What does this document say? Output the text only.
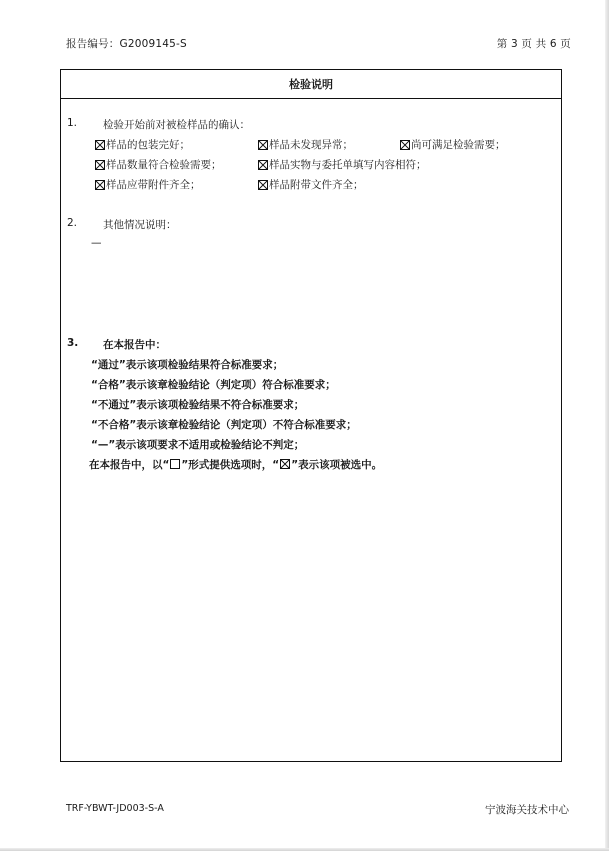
报告编号：G2009145-S	第 3 页 共 6 页
检验说明
1. 检验开始前对被检样品的确认：
样品的包装完好；	样品未发现异常；	尚可满足检验需要；
样品数量符合检验需要；	样品实物与委托单填写内容相符；
样品应带附件齐全；	样品附带文件齐全；
2. 其他情况说明：
—
3. 在本报告中：
“通过”表示该项检验结果符合标准要求；
“合格”表示该章检验结论（判定项）符合标准要求；
“不通过”表示该项检验结果不符合标准要求；
“不合格”表示该章检验结论（判定项）不符合标准要求；
“—”表示该项要求不适用或检验结论不判定；
在本报告中，以“ ”形式提供选项时，“ ”表示该项被选中。
TRF-YBWT-JD003-S-A	宁波海关技术中心
